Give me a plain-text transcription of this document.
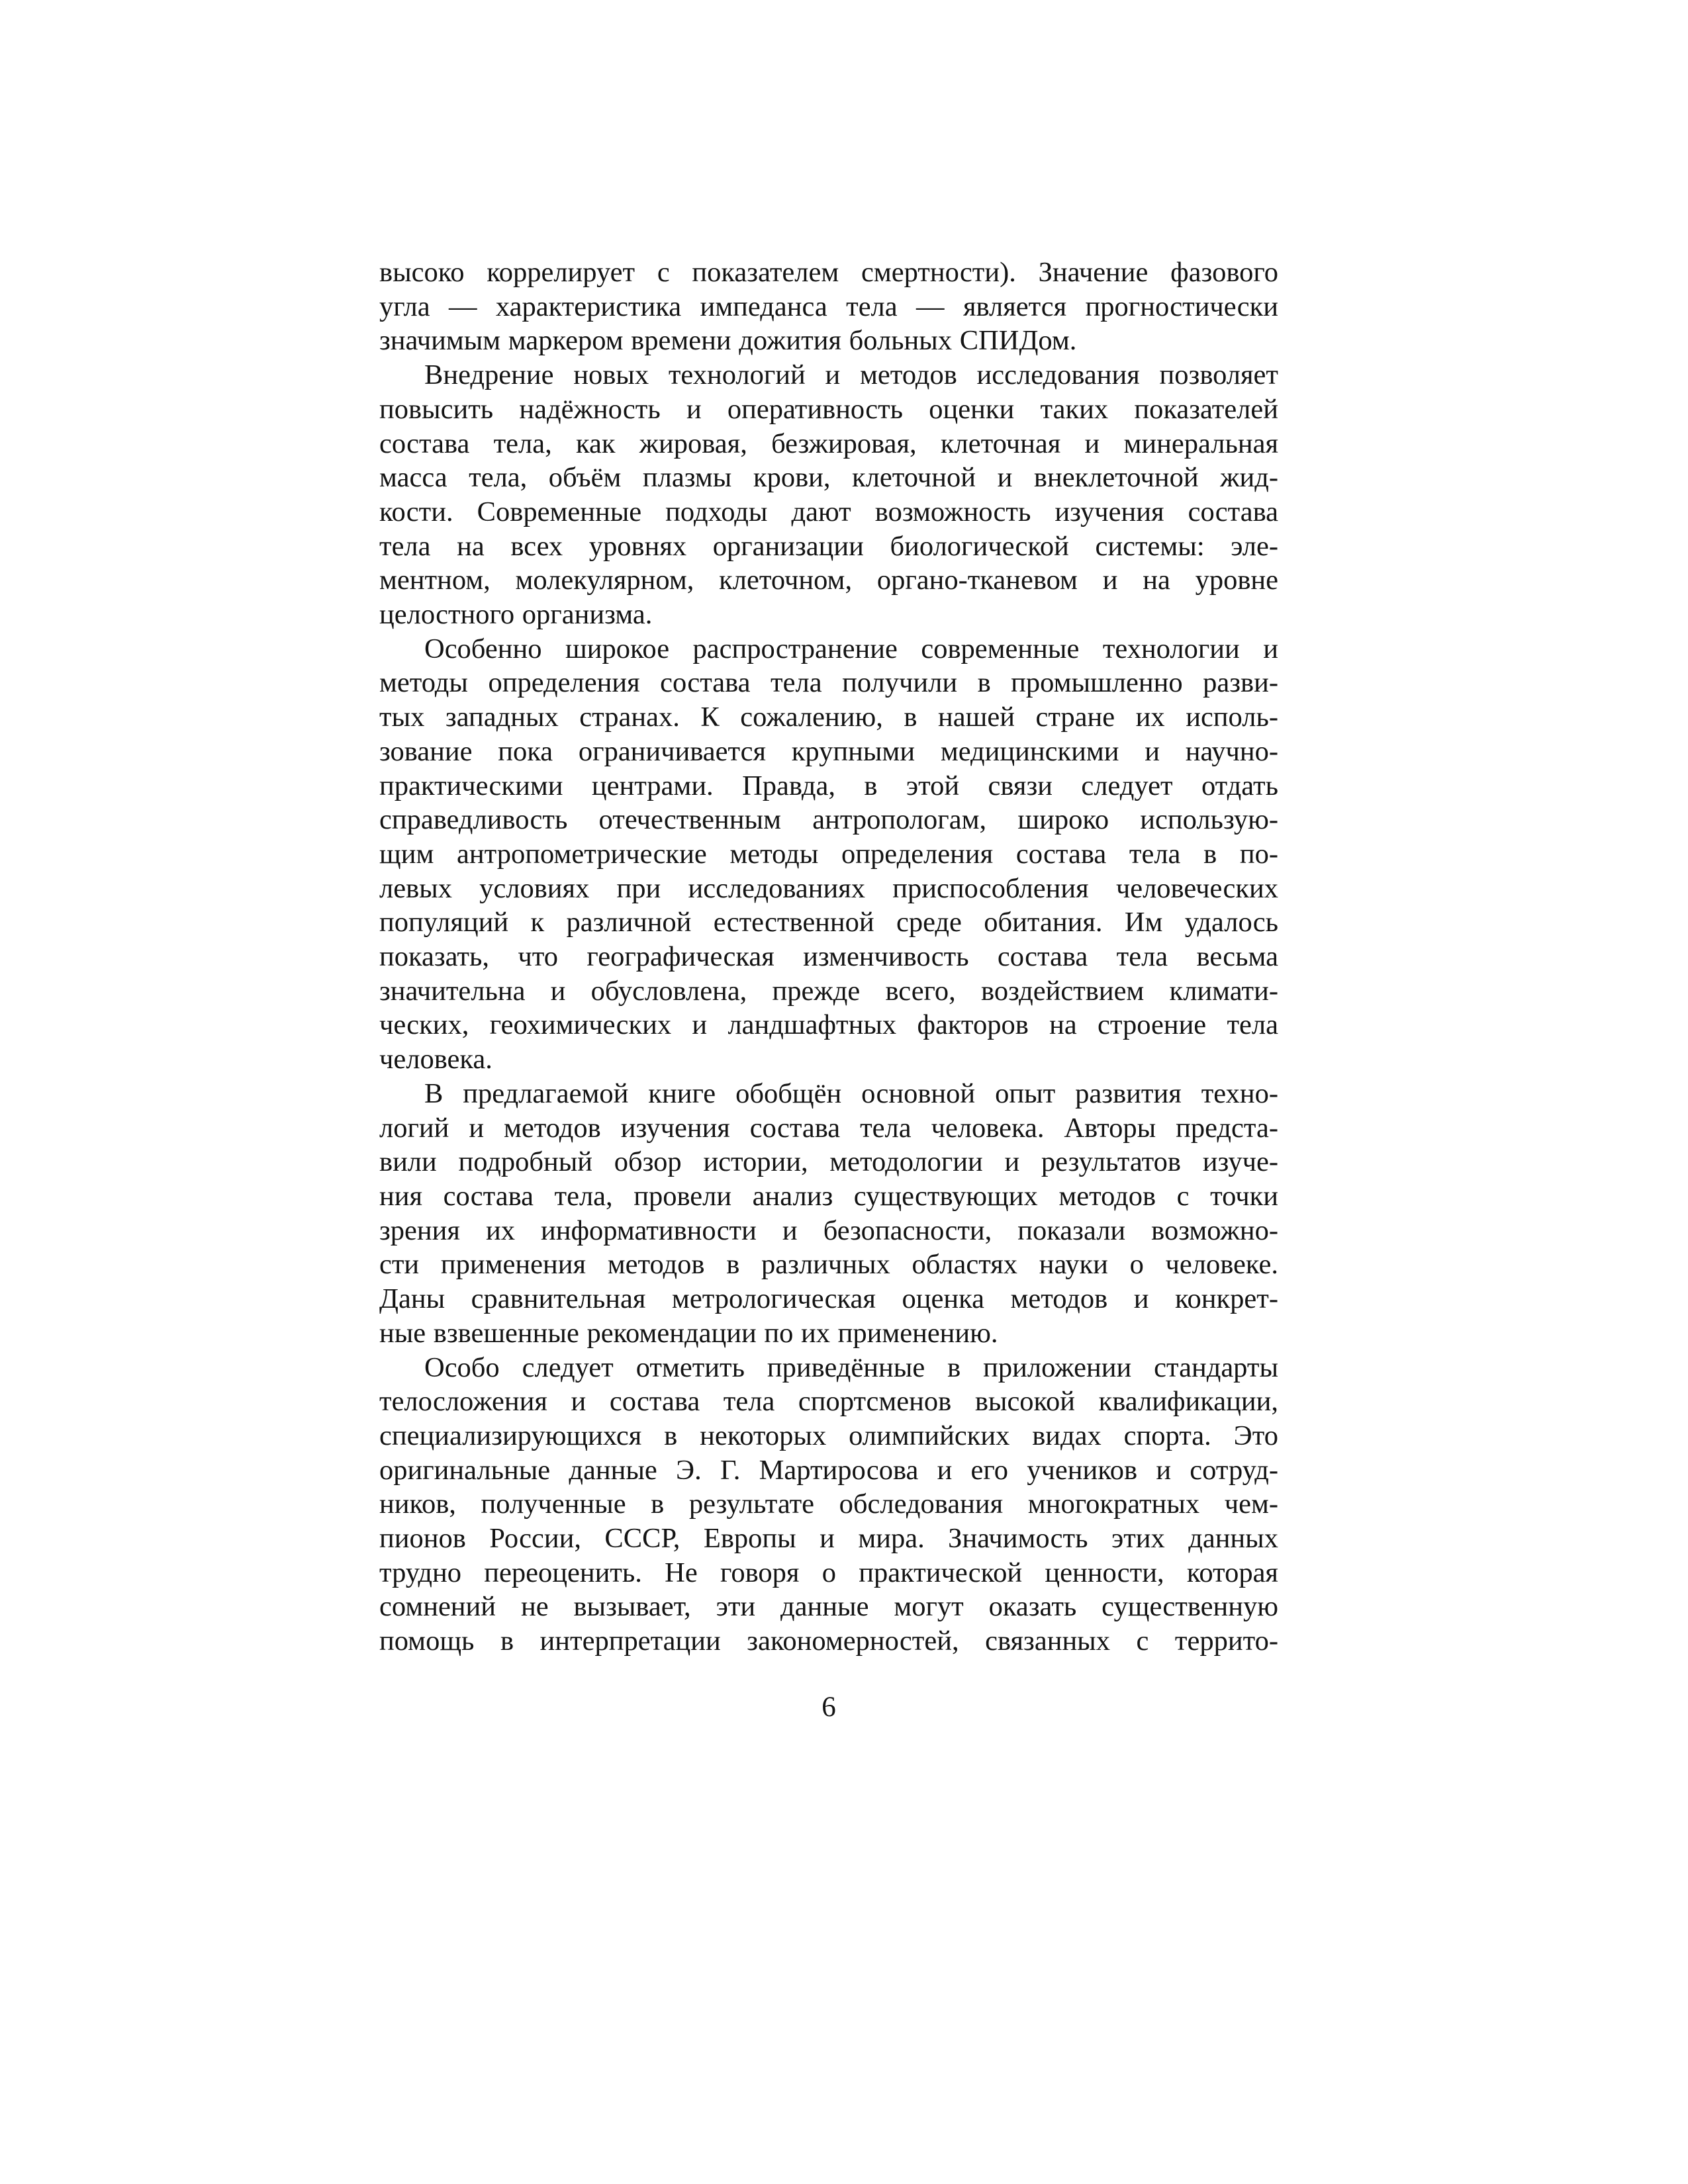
высоко коррелирует с показателем смертности). Значение фазового
угла — характеристика импеданса тела — является прогностически
значимым маркером времени дожития больных СПИДом.

Внедрение новых технологий и методов исследования позволяет
повысить надёжность и оперативность оценки таких показателей
состава тела, как жировая, безжировая, клеточная и минеральная
масса тела, объём плазмы крови, клеточной и внеклеточной жид-
кости. Современные подходы дают возможность изучения состава
тела на всех уровнях организации биологической системы: эле-
ментном, молекулярном, клеточном, органо-тканевом и на уровне
целостного организма.

Особенно широкое распространение современные технологии и
методы определения состава тела получили в промышленно разви-
тых западных странах. К сожалению, в нашей стране их исполь-
зование пока ограничивается крупными медицинскими и научно-
практическими центрами. Правда, в этой связи следует отдать
справедливость отечественным антропологам, широко использую-
щим антропометрические методы определения состава тела в по-
левых условиях при исследованиях приспособления человеческих
популяций к различной естественной среде обитания. Им удалось
показать, что географическая изменчивость состава тела весьма
значительна и обусловлена, прежде всего, воздействием климати-
ческих, геохимических и ландшафтных факторов на строение тела
человека.

В предлагаемой книге обобщён основной опыт развития техно-
логий и методов изучения состава тела человека. Авторы предста-
вили подробный обзор истории, методологии и результатов изуче-
ния состава тела, провели анализ существующих методов с точки
зрения их информативности и безопасности, показали возможно-
сти применения методов в различных областях науки о человеке.
Даны сравнительная метрологическая оценка методов и конкрет-
ные взвешенные рекомендации по их применению.

Особо следует отметить приведённые в приложении стандарты
телосложения и состава тела спортсменов высокой квалификации,
специализирующихся в некоторых олимпийских видах спорта. Это
оригинальные данные Э. Г. Мартиросова и его учеников и сотруд-
ников, полученные в результате обследования многократных чем-
пионов России, СССР, Европы и мира. Значимость этих данных
трудно переоценить. Не говоря о практической ценности, которая
сомнений не вызывает, эти данные могут оказать существенную
помощь в интерпретации закономерностей, связанных с террито-

6
